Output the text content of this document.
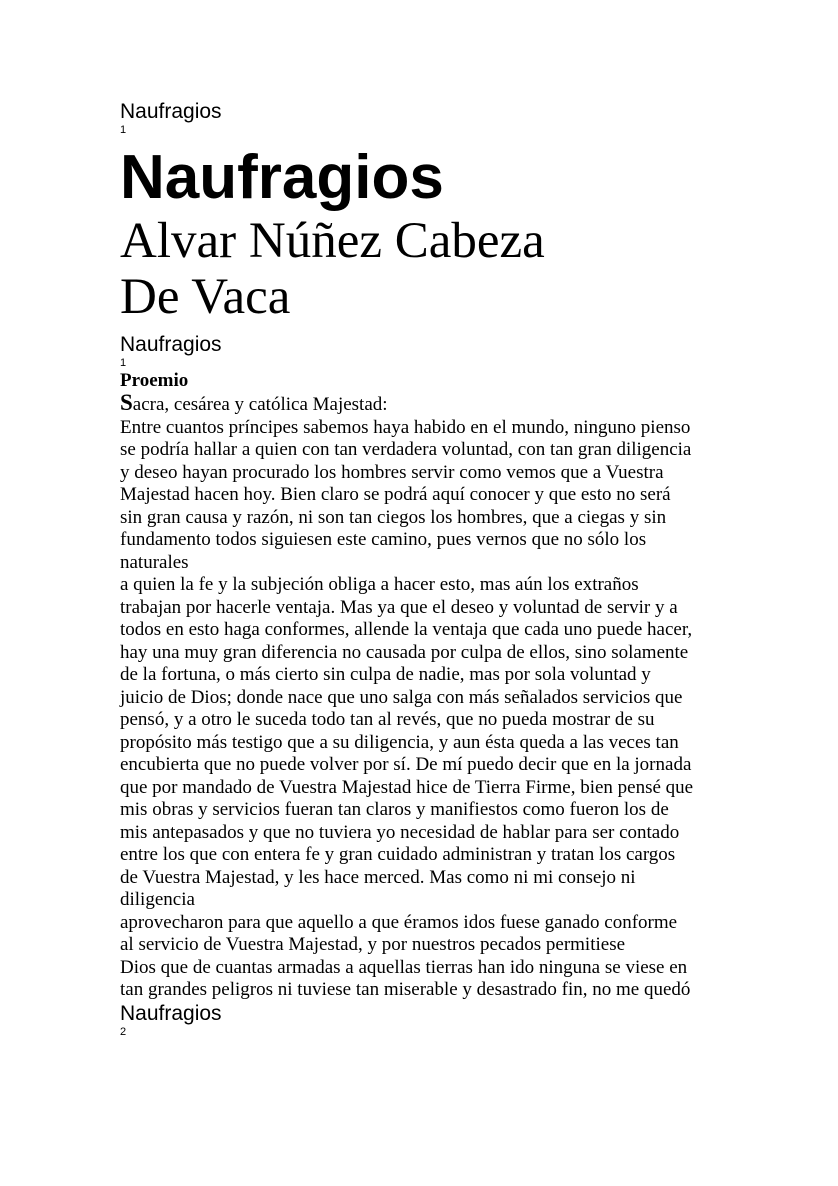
Naufragios

1

Naufragios

Alvar Núñez Cabeza

De Vaca

Naufragios

1

Proemio
Sacra, cesárea y católica Majestad:
Entre cuantos príncipes sabemos haya habido en el mundo, ninguno pienso
se podría hallar a quien con tan verdadera voluntad, con tan gran diligencia
y deseo hayan procurado los hombres servir como vemos que a Vuestra
Majestad hacen hoy. Bien claro se podrá aquí conocer y que esto no será
sin gran causa y razón, ni son tan ciegos los hombres, que a ciegas y sin
fundamento todos siguiesen este camino, pues vernos que no sólo los
naturales
a quien la fe y la subjeción obliga a hacer esto, mas aún los extraños
trabajan por hacerle ventaja. Mas ya que el deseo y voluntad de servir y a
todos en esto haga conformes, allende la ventaja que cada uno puede hacer,
hay una muy gran diferencia no causada por culpa de ellos, sino solamente
de la fortuna, o más cierto sin culpa de nadie, mas por sola voluntad y
juicio de Dios; donde nace que uno salga con más señalados servicios que
pensó, y a otro le suceda todo tan al revés, que no pueda mostrar de su
propósito más testigo que a su diligencia, y aun ésta queda a las veces tan
encubierta que no puede volver por sí. De mí puedo decir que en la jornada
que por mandado de Vuestra Majestad hice de Tierra Firme, bien pensé que
mis obras y servicios fueran tan claros y manifiestos como fueron los de
mis antepasados y que no tuviera yo necesidad de hablar para ser contado
entre los que con entera fe y gran cuidado administran y tratan los cargos
de Vuestra Majestad, y les hace merced. Mas como ni mi consejo ni
diligencia
aprovecharon para que aquello a que éramos idos fuese ganado conforme
al servicio de Vuestra Majestad, y por nuestros pecados permitiese
Dios que de cuantas armadas a aquellas tierras han ido ninguna se viese en
tan grandes peligros ni tuviese tan miserable y desastrado fin, no me quedó

Naufragios

2
